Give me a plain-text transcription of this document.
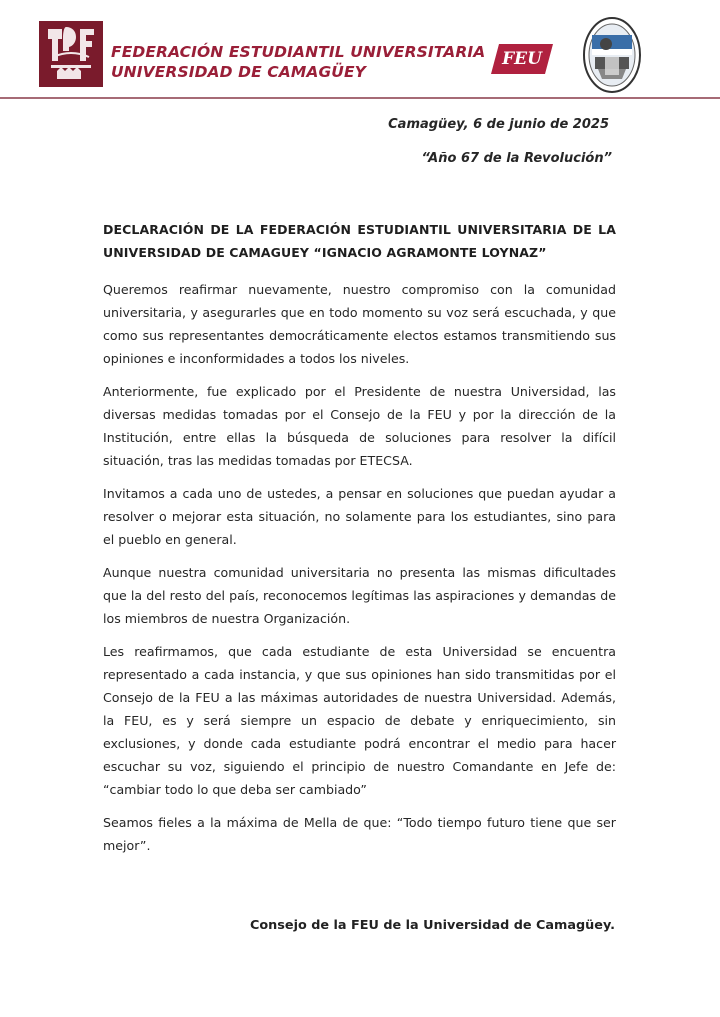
FEDERACIÓN ESTUDIANTIL UNIVERSITARIA
UNIVERSIDAD DE CAMAGÜEY
FEU
Camagüey, 6 de junio de 2025
“Año 67 de la Revolución”
DECLARACIÓN DE LA FEDERACIÓN ESTUDIANTIL UNIVERSITARIA DE LA UNIVERSIDAD DE CAMAGUEY “IGNACIO AGRAMONTE LOYNAZ”

Queremos reafirmar nuevamente, nuestro compromiso con la comunidad universitaria, y asegurarles que en todo momento su voz será escuchada, y que como sus representantes democráticamente electos estamos transmitiendo sus opiniones e inconformidades a todos los niveles.

Anteriormente, fue explicado por el Presidente de nuestra Universidad, las diversas medidas tomadas por el Consejo de la FEU y por la dirección de la Institución, entre ellas la búsqueda de soluciones para resolver la difícil situación, tras las medidas tomadas por ETECSA.

Invitamos a cada uno de ustedes, a pensar en soluciones que puedan ayudar a resolver o mejorar esta situación, no solamente para los estudiantes, sino para el pueblo en general.

Aunque nuestra comunidad universitaria no presenta las mismas dificultades que la del resto del país, reconocemos legítimas las aspiraciones y demandas de los miembros de nuestra Organización.

Les reafirmamos, que cada estudiante de esta Universidad se encuentra representado a cada instancia, y que sus opiniones han sido transmitidas por el Consejo de la FEU a las máximas autoridades de nuestra Universidad. Además, la FEU, es y será siempre un espacio de debate y enriquecimiento, sin exclusiones, y donde cada estudiante podrá encontrar el medio para hacer escuchar su voz, siguiendo el principio de nuestro Comandante en Jefe de: “cambiar todo lo que deba ser cambiado”

Seamos fieles a la máxima de Mella de que: “Todo tiempo futuro tiene que ser mejor”.

Consejo de la FEU de la Universidad de Camagüey.
